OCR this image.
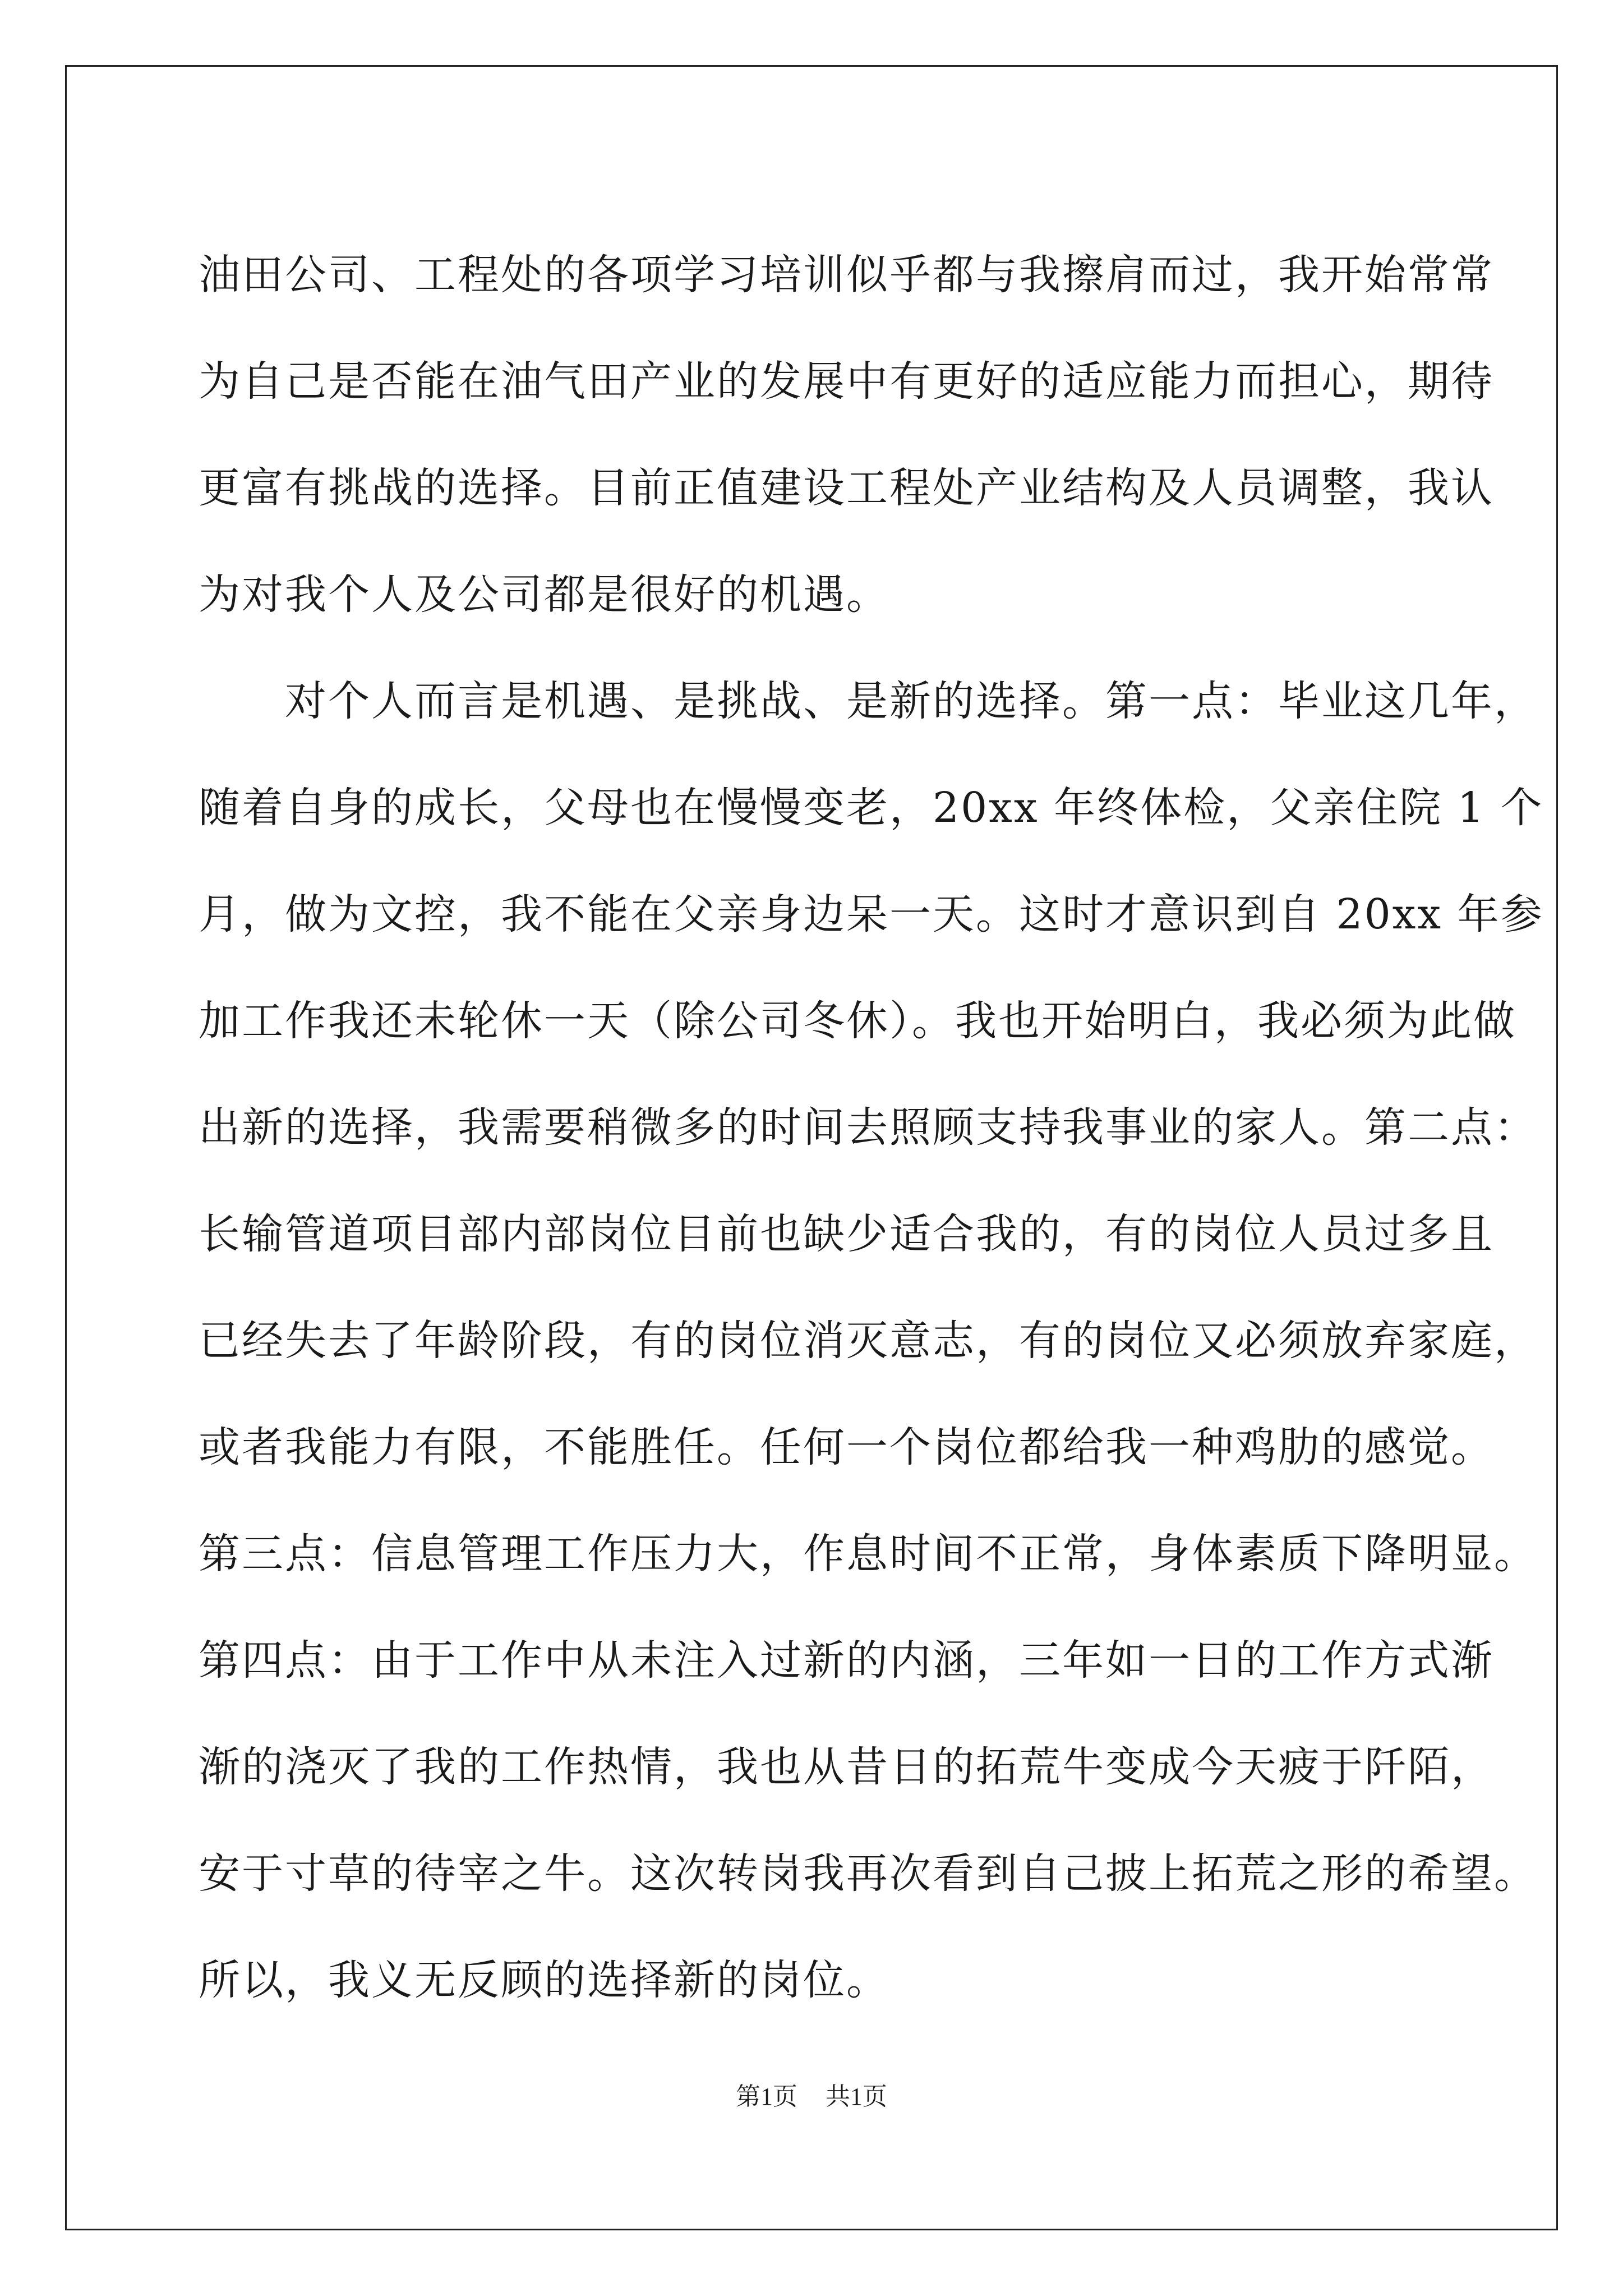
油田公司、工程处的各项学习培训似乎都与我擦肩而过，我开始常常
为自己是否能在油气田产业的发展中有更好的适应能力而担心，期待
更富有挑战的选择。目前正值建设工程处产业结构及人员调整，我认
为对我个人及公司都是很好的机遇。
　　对个人而言是机遇、是挑战、是新的选择。第一点：毕业这几年，
随着自身的成长，父母也在慢慢变老，20xx 年终体检，父亲住院 1 个
月，做为文控，我不能在父亲身边呆一天。这时才意识到自 20xx 年参
加工作我还未轮休一天（除公司冬休）。我也开始明白，我必须为此做
出新的选择，我需要稍微多的时间去照顾支持我事业的家人。第二点：
长输管道项目部内部岗位目前也缺少适合我的，有的岗位人员过多且
已经失去了年龄阶段，有的岗位消灭意志，有的岗位又必须放弃家庭，
或者我能力有限，不能胜任。任何一个岗位都给我一种鸡肋的感觉。
第三点：信息管理工作压力大，作息时间不正常，身体素质下降明显。
第四点：由于工作中从未注入过新的内涵，三年如一日的工作方式渐
渐的浇灭了我的工作热情，我也从昔日的拓荒牛变成今天疲于阡陌，
安于寸草的待宰之牛。这次转岗我再次看到自己披上拓荒之形的希望。
所以，我义无反顾的选择新的岗位。
第1页 共1页
